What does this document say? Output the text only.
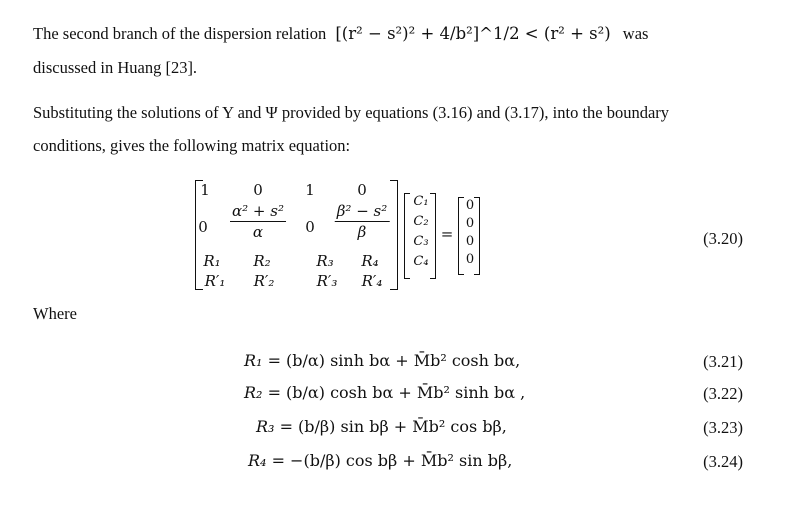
The second branch of the dispersion relation [(r² − s²)² + 4/b²]^1/2 < (r² + s²) was
discussed in Huang [23].
Substituting the solutions of Y and Ψ provided by equations (3.16) and (3.17), into the boundary
conditions, gives the following matrix equation:
1	0	1	0
$0 \frac{\text{α² + s²}}{\alpha} 0 \frac{\text{β² − s²}}{\beta}$
R₁ R₂	R₃ R₄
R′₁ R′₂	R′₃ R′₄
C₁
C₂
C₃
C₄
=
0
0
0
0
(3.20)
Where
R₁ = (b/α) sinh bα + M̄b² cosh bα,	(3.21)
R₂ = (b/α) cosh bα + M̄b² sinh bα ,	(3.22)
R₃ = (b/β) sin bβ + M̄b² cos bβ,	(3.23)
R₄ = −(b/β) cos bβ + M̄b² sin bβ,	(3.24)
